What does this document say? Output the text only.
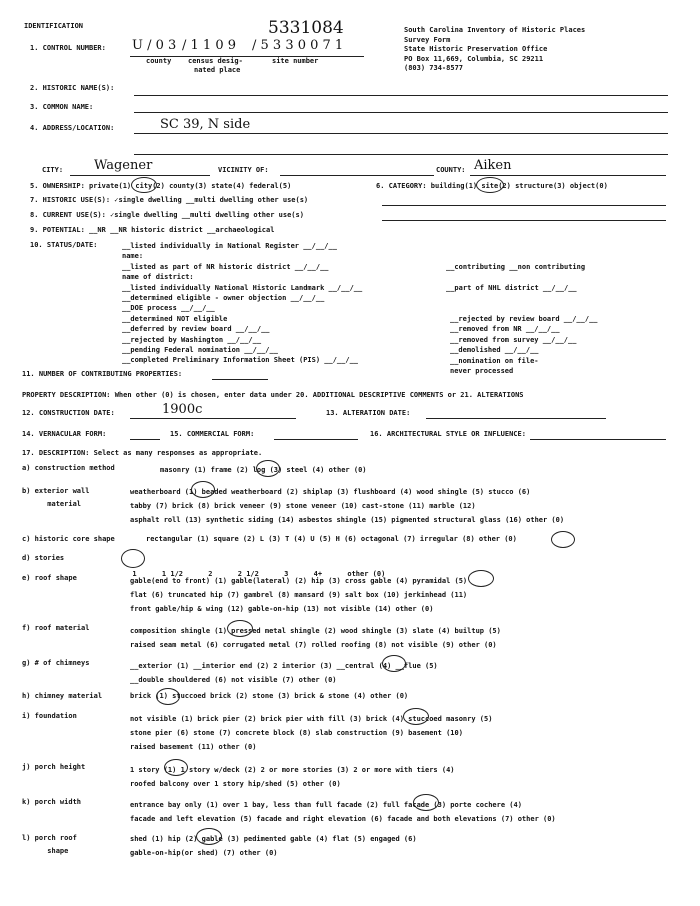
IDENTIFICATION	5331084	South Carolina Inventory of Historic Places
Survey Form
State Historic Preservation Office
PO Box 11,669, Columbia, SC 29211
(803) 734-8577
1. CONTROL NUMBER: U / 0 3 / 1 1 0 9 / 5 3 3 0 0 7 1
county census desig-
nated place
site number
2. HISTORIC NAME(S):
3. COMMON NAME:
4. ADDRESS/LOCATION:	SC 39, N side
CITY: Wagener	VICINITY OF:	COUNTY: Aiken
5. OWNERSHIP: private(1) city(2) county(3) state(4) federal(5)	6. CATEGORY: building(1) site(2) structure(3) object(0)
7. HISTORIC USE(S): ✓single dwelling __multi dwelling other use(s)
8. CURRENT USE(S): ✓single dwelling __multi dwelling other use(s)
9. POTENTIAL: __NR __NR historic district __archaeological
10. STATUS/DATE:	__listed individually in National Register __/__/__
name:
__listed as part of NR historic district __/__/__
name of district:
__listed individually National Historic Landmark __/__/__
__determined eligible - owner objection __/__/__
__DOE process __/__/__
__determined NOT eligible
__deferred by review board __/__/__
__rejected by Washington __/__/__
__pending Federal nomination __/__/__
__completed Preliminary Information Sheet (PIS) __/__/__
__contributing __non contributing
__part of NHL district __/__/__
__rejected by review board __/__/__
__removed from NR __/__/__
__removed from survey __/__/__
__demolished __/__/__
__nomination on file-
never processed
11. NUMBER OF CONTRIBUTING PROPERTIES:
PROPERTY DESCRIPTION: When other (0) is chosen, enter data under 20. ADDITIONAL DESCRIPTIVE COMMENTS or 21. ALTERATIONS
12. CONSTRUCTION DATE:	1900c	13. ALTERATION DATE:
14. VERNACULAR FORM:	15. COMMERCIAL FORM:	16. ARCHITECTURAL STYLE OR INFLUENCE:
17. DESCRIPTION: Select as many responses as appropriate.
a) construction method	masonry (1) frame (2) log (3) steel (4) other (0)
b) exterior wall
material
weatherboard (1) beaded weatherboard (2) shiplap (3) flushboard (4) wood shingle (5) stucco (6)
tabby (7) brick (8) brick veneer (9) stone veneer (10) cast-stone (11) marble (12)
asphalt roll (13) synthetic siding (14) asbestos shingle (15) pigmented structural glass (16) other (0)
c) historic core shape	rectangular (1) square (2) L (3) T (4) U (5) H (6) octagonal (7) irregular (8) other (0)
d) stories

1      1 1/2      2      2 1/2      3      4+      other (0)

e) roof shape	gable(end to front) (1) gable(lateral) (2) hip (3) cross gable (4) pyramidal (5)
flat (6) truncated hip (7) gambrel (8) mansard (9) salt box (10) jerkinhead (11)
front gable/hip & wing (12) gable-on-hip (13) not visible (14) other (0)
f) roof material	composition shingle (1) pressed metal shingle (2) wood shingle (3) slate (4) builtup (5)
raised seam metal (6) corrugated metal (7) rolled roofing (8) not visible (9) other (0)
g) # of chimneys	__exterior (1) __interior end (2) 2 interior (3) __central (4) __flue (5)
__double shouldered (6) not visible (7) other (0)
h) chimney material	brick (1) stuccoed brick (2) stone (3) brick & stone (4) other (0)
i) foundation	not visible (1) brick pier (2) brick pier with fill (3) brick (4) stuccoed masonry (5)
stone pier (6) stone (7) concrete block (8) slab construction (9) basement (10)
raised basement (11) other (0)
j) porch height	1 story (1) 1 story w/deck (2) 2 or more stories (3) 2 or more with tiers (4)
roofed balcony over 1 story hip/shed (5) other (0)
k) porch width	entrance bay only (1) over 1 bay, less than full facade (2) full facade (3) porte cochere (4)
facade and left elevation (5) facade and right elevation (6) facade and both elevations (7) other (0)
l) porch roof
shape
shed (1) hip (2) gable (3) pedimented gable (4) flat (5) engaged (6)
gable-on-hip(or shed) (7) other (0)
